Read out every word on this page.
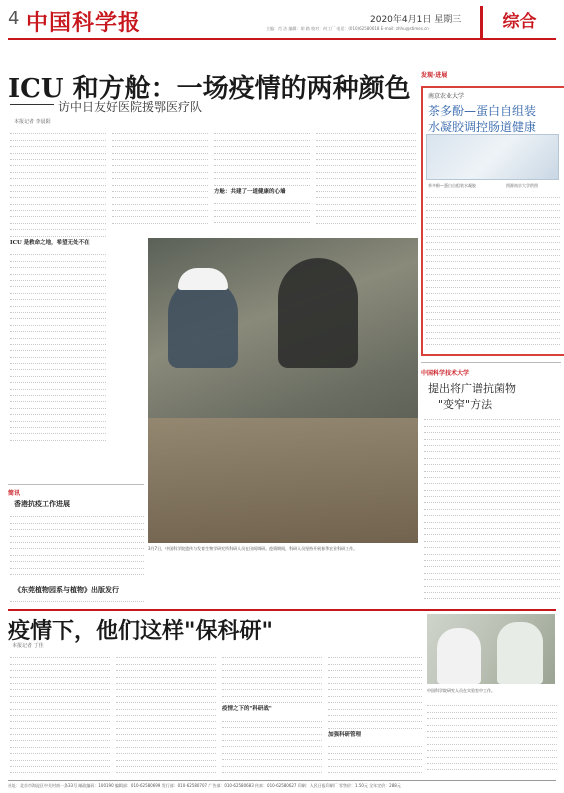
4 中国科学报	2020年4月1日 星期三
主编：肖 洁 编辑：胡 路 校对：何工厂 电话：(010)62580618 E-mail: zhhu@stimes.cn	综合
ICU 和方舱：一场疫情的两种颜色
访中日友好医院援鄂医疗队
本报记者 李晨阳
ICU 是救命之地，希望无处不在
方舱：共建了一道健康的心墙
发现·进展
南京农业大学
茶多酚—蛋白自组装
水凝胶调控肠道健康
茶多酚—蛋白自组装水凝胶	图源南京大学供图
3月7日，中国科学院遗传与发育生物学研究所科研人员在田间调研。疫情期间，科研人员坚持开展春季农业科研工作。
简讯
香港抗疫工作进展
《东莞植物园系与植物》出版发行
中国科学技术大学
提出将广谱抗菌物
"变窄"方法
疫情下，他们这样"保科研"
本报记者 丁佳
疫情之下的"科研战"
加强科研管理
中国科学院研究人员在实验室中工作。
社址：北京市海淀区中关村南一条33号 邮政编码：100190 编辑部：010-62580699 发行部：010-62580707 广告部：010-62580683 传真：010-62580627 印刷：人民日报印刷厂 零售价：1.50元 全年定价：288元
